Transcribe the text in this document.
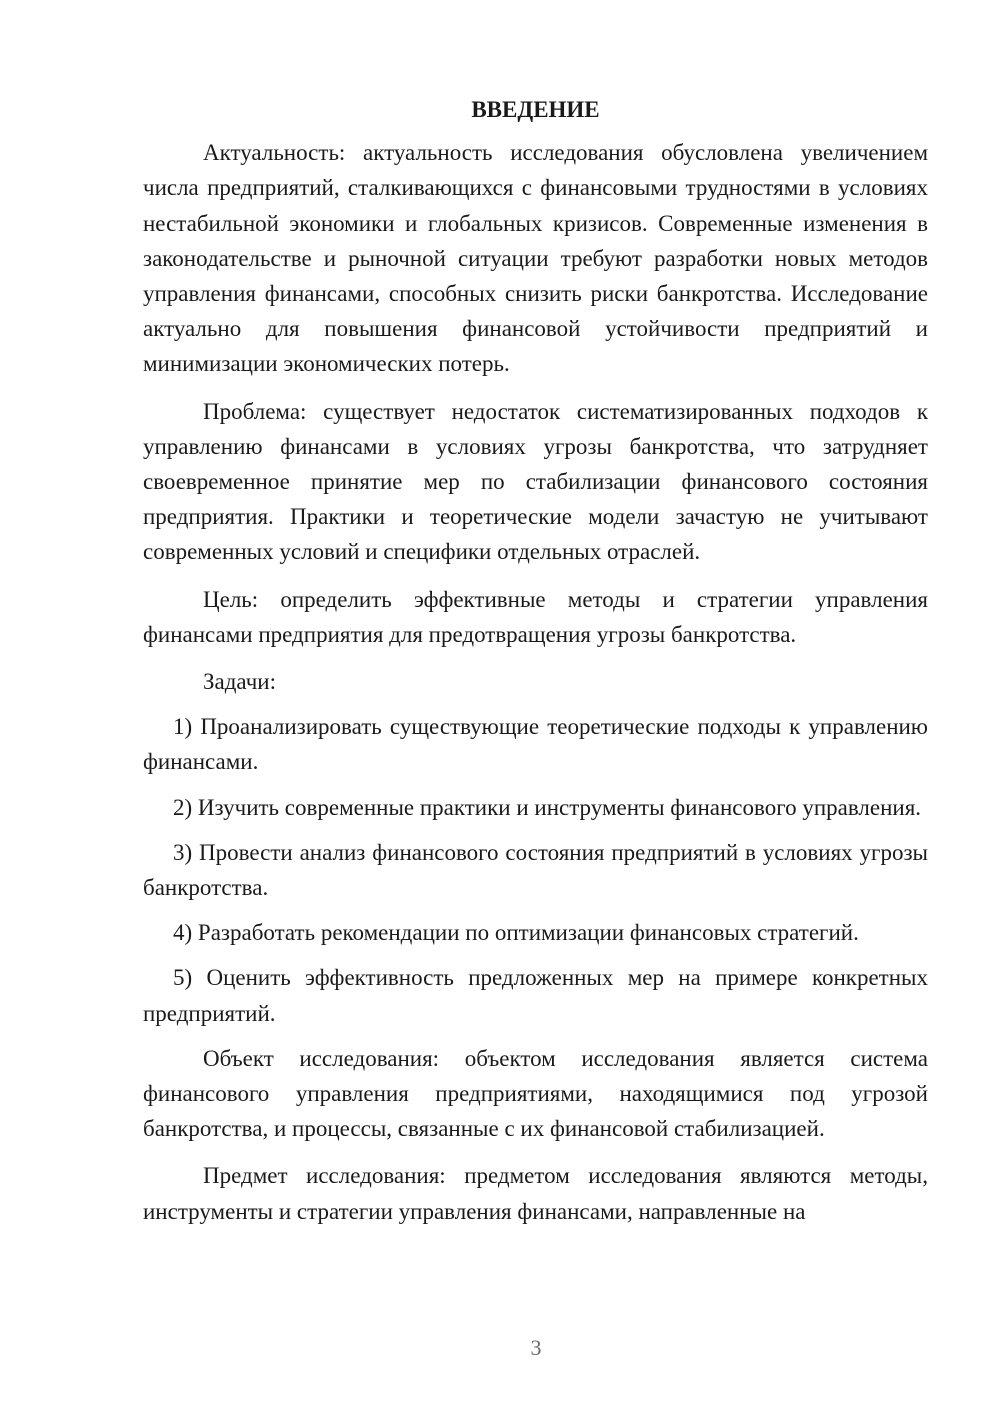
ВВЕДЕНИЕ

Актуальность: актуальность исследования обусловлена увеличением числа предприятий, сталкивающихся с финансовыми трудностями в условиях нестабильной экономики и глобальных кризисов. Современные изменения в законодательстве и рыночной ситуации требуют разработки новых методов управления финансами, способных снизить риски банкротства. Исследование актуально для повышения финансовой устойчивости предприятий и минимизации экономических потерь.

Проблема: существует недостаток систематизированных подходов к управлению финансами в условиях угрозы банкротства, что затрудняет своевременное принятие мер по стабилизации финансового состояния предприятия. Практики и теоретические модели зачастую не учитывают современных условий и специфики отдельных отраслей.

Цель: определить эффективные методы и стратегии управления финансами предприятия для предотвращения угрозы банкротства.

Задачи:

1) Проанализировать существующие теоретические подходы к управлению финансами.

2) Изучить современные практики и инструменты финансового управления.

3) Провести анализ финансового состояния предприятий в условиях угрозы банкротства.

4) Разработать рекомендации по оптимизации финансовых стратегий.

5) Оценить эффективность предложенных мер на примере конкретных предприятий.

Объект исследования: объектом исследования является система финансового управления предприятиями, находящимися под угрозой банкротства, и процессы, связанные с их финансовой стабилизацией.

Предмет исследования: предметом исследования являются методы, инструменты и стратегии управления финансами, направленные на

3
